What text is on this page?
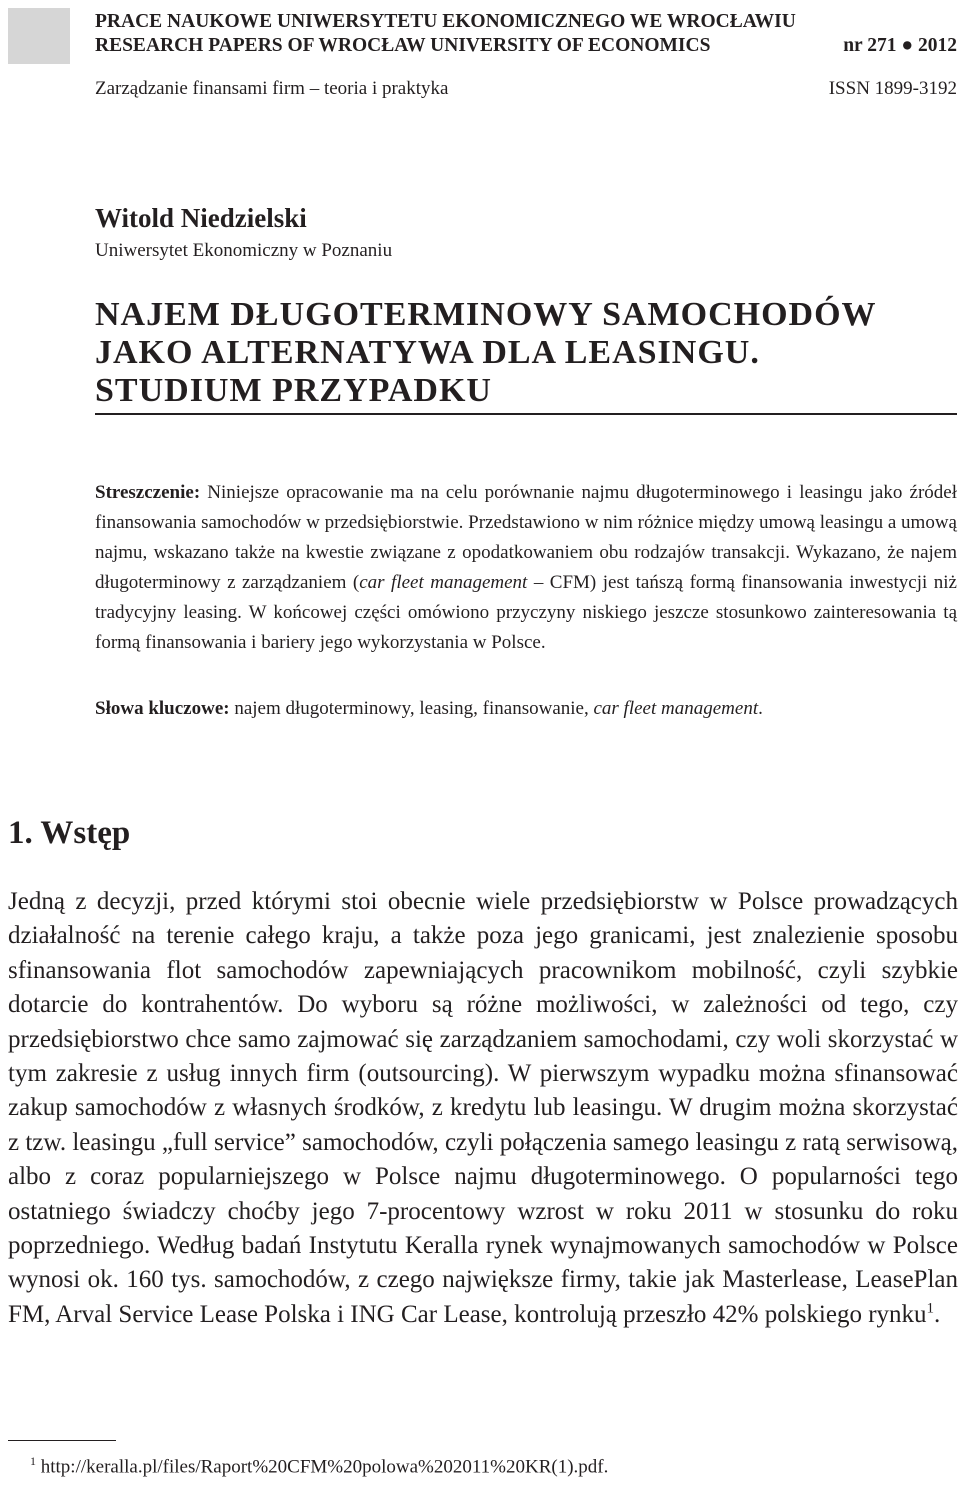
PRACE NAUKOWE UNIWERSYTETU EKONOMICZNEGO WE WROCŁAWIU
RESEARCH PAPERS OF WROCŁAW UNIVERSITY OF ECONOMICS	nr 271 ● 2012
Zarządzanie finansami firm – teoria i praktyka	ISSN 1899-3192
Witold Niedzielski
Uniwersytet Ekonomiczny w Poznaniu
NAJEM DŁUGOTERMINOWY SAMOCHODÓW
JAKO ALTERNATYWA DLA LEASINGU.
STUDIUM PRZYPADKU

Streszczenie: Niniejsze opracowanie ma na celu porównanie najmu długoterminowego i leasingu jako źródeł finansowania samochodów w przedsiębiorstwie. Przedstawiono w nim różnice między umową leasingu a umową najmu, wskazano także na kwestie związane z opodatkowaniem obu rodzajów transakcji. Wykazano, że najem długoterminowy z zarządzaniem (car fleet management – CFM) jest tańszą formą finansowania inwestycji niż tradycyjny leasing. W końcowej części omówiono przyczyny niskiego jeszcze stosunkowo zainteresowania tą formą finansowania i bariery jego wykorzystania w Polsce.

Słowa kluczowe: najem długoterminowy, leasing, finansowanie, car fleet management.
1. Wstęp
Jedną z decyzji, przed którymi stoi obecnie wiele przedsiębiorstw w Polsce prowadzących działalność na terenie całego kraju, a także poza jego granicami, jest znalezienie sposobu sfinansowania flot samochodów zapewniających pracownikom mobilność, czyli szybkie dotarcie do kontrahentów. Do wyboru są różne możliwości, w zależności od tego, czy przedsiębiorstwo chce samo zajmować się zarządzaniem samochodami, czy woli skorzystać w tym zakresie z usług innych firm (outsourcing). W pierwszym wypadku można sfinansować zakup samochodów z własnych środków, z kredytu lub leasingu. W drugim można skorzystać z tzw. leasingu „full service” samochodów, czyli połączenia samego leasingu z ratą serwisową, albo z coraz popularniejszego w Polsce najmu długoterminowego. O popularności tego ostatniego świadczy choćby jego 7-procentowy wzrost w roku 2011 w stosunku do roku poprzedniego. Według badań Instytutu Keralla rynek wynajmowanych samochodów w Polsce wynosi ok. 160 tys. samochodów, z czego największe firmy, takie jak Masterlease, LeasePlan FM, Arval Service Lease Polska i ING Car Lease, kontrolują przeszło 42% polskiego rynku$^1$.
$^1$ http://keralla.pl/files/Raport%20CFM%20polowa%202011%20KR(1).pdf.
